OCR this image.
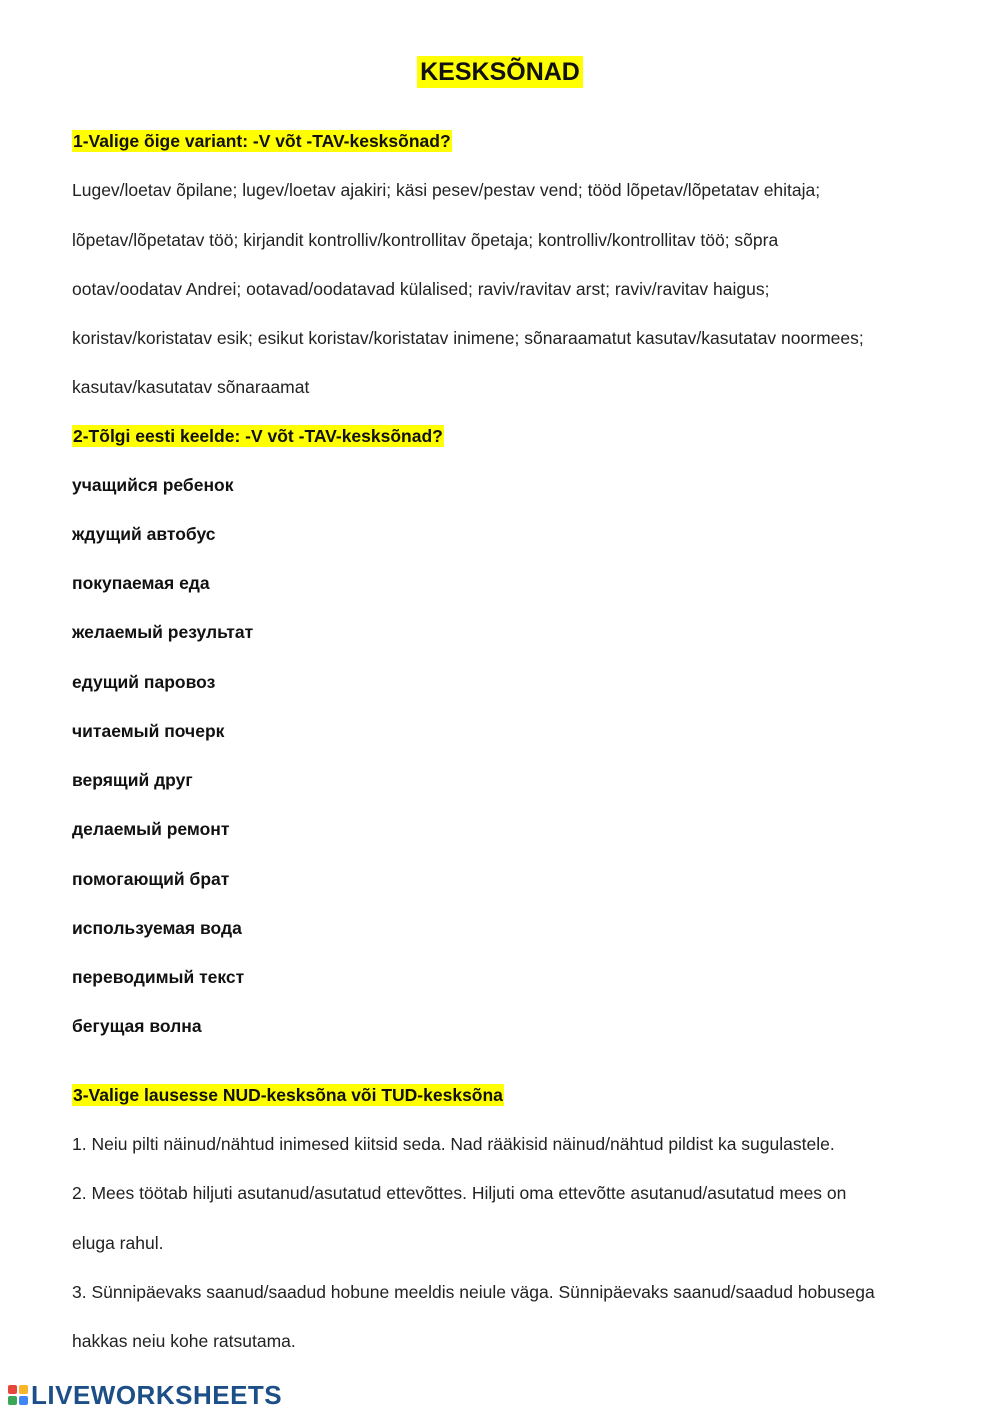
KESKSÕNAD
1-Valige õige variant: -V võt -TAV-kesksõnad?
Lugev/loetav õpilane; lugev/loetav ajakiri; käsi pesev/pestav vend; tööd lõpetav/lõpetatav ehitaja;
lõpetav/lõpetatav töö; kirjandit kontrolliv/kontrollitav õpetaja; kontrolliv/kontrollitav töö; sõpra
ootav/oodatav Andrei; ootavad/oodatavad külalised; raviv/ravitav arst; raviv/ravitav haigus;
koristav/koristatav esik; esikut koristav/koristatav inimene; sõnaraamatut kasutav/kasutatav noormees;
kasutav/kasutatav sõnaraamat
2-Tõlgi eesti keelde: -V võt -TAV-kesksõnad?
учащийся ребенок
ждущий автобус
покупаемая еда
желаемый результат
едущий паровоз
читаемый почерк
верящий друг
делаемый ремонт
помогающий брат
используемая вода
переводимый текст
бегущая волна
3-Valige lausesse NUD-kesksõna või TUD-kesksõna
1. Neiu pilti näinud/nähtud inimesed kiitsid seda. Nad rääkisid näinud/nähtud pildist ka sugulastele.
2. Mees töötab hiljuti asutanud/asutatud ettevõttes. Hiljuti oma ettevõtte asutanud/asutatud mees on
eluga rahul.
3. Sünnipäevaks saanud/saadud hobune meeldis neiule väga. Sünnipäevaks saanud/saadud hobusega
hakkas neiu kohe ratsutama.
LIVEWORKSHEETS
